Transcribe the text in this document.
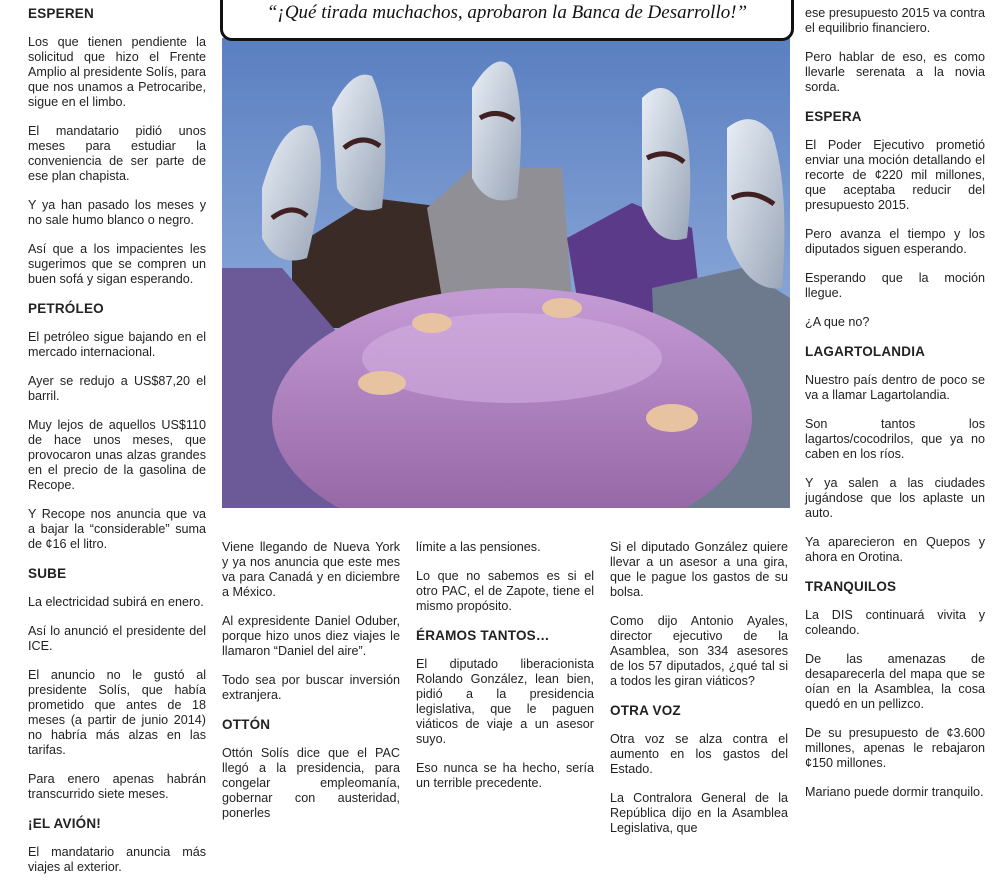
ESPEREN

Los que tienen pendiente la solicitud que hizo el Frente Amplio al presidente Solís, para que nos unamos a Petrocaribe, sigue en el limbo.

El mandatario pidió unos meses para estudiar la conveniencia de ser parte de ese plan chapista.

Y ya han pasado los meses y no sale humo blanco o negro.

Así que a los impacientes les sugerimos que se compren un buen sofá y sigan esperando.

PETRÓLEO

El petróleo sigue bajando en el mercado internacional.

Ayer se redujo a US$87,20 el barril.

Muy lejos de aquellos US$110 de hace unos meses, que provocaron unas alzas grandes en el precio de la gasolina de Recope.

Y Recope nos anuncia que va a bajar la “considerable” suma de ¢16 el litro.

SUBE

La electricidad subirá en enero.

Así lo anunció el presidente del ICE.

El anuncio no le gustó al presidente Solís, que había prometido que antes de 18 meses (a partir de junio 2014) no habría más alzas en las tarifas.

Para enero apenas habrán transcurrido siete meses.

¡EL AVIÓN!

El mandatario anuncia más viajes al exterior.

“¡Qué tirada muchachos, aprobaron la Banca de Desarrollo!”

Viene llegando de Nueva York y ya nos anuncia que este mes va para Canadá y en diciembre a México.

Al expresidente Daniel Oduber, porque hizo unos diez viajes le llamaron “Daniel del aire”.

Todo sea por buscar inversión extranjera.

OTTÓN

Ottón Solís dice que el PAC llegó a la presidencia, para congelar empleomanía, gobernar con austeridad, ponerles

límite a las pensiones.

Lo que no sabemos es si el otro PAC, el de Zapote, tiene el mismo propósito.

ÉRAMOS TANTOS…

El diputado liberacionista Rolando González, lean bien, pidió a la presidencia legislativa, que le paguen viáticos de viaje a un asesor suyo.

Eso nunca se ha hecho, sería un terrible precedente.

Si el diputado González quiere llevar a un asesor a una gira, que le pague los gastos de su bolsa.

Como dijo Antonio Ayales, director ejecutivo de la Asamblea, son 334 asesores de los 57 diputados, ¿qué tal si a todos les giran viáticos?

OTRA VOZ

Otra voz se alza contra el aumento en los gastos del Estado.

La Contralora General de la República dijo en la Asamblea Legislativa, que

ese presupuesto 2015 va contra el equilibrio financiero.

Pero hablar de eso, es como llevarle serenata a la novia sorda.

ESPERA

El Poder Ejecutivo prometió enviar una moción detallando el recorte de ¢220 mil millones, que aceptaba reducir del presupuesto 2015.

Pero avanza el tiempo y los diputados siguen esperando.

Esperando que la moción llegue.

¿A que no?

LAGARTOLANDIA

Nuestro país dentro de poco se va a llamar Lagartolandia.

Son tantos los lagartos/cocodrilos, que ya no caben en los ríos.

Y ya salen a las ciudades jugándose que los aplaste un auto.

Ya aparecieron en Quepos y ahora en Orotina.

TRANQUILOS

La DIS continuará vivita y coleando.

De las amenazas de desaparecerla del mapa que se oían en la Asamblea, la cosa quedó en un pellizco.

De su presupuesto de ¢3.600 millones, apenas le rebajaron ¢150 millones.

Mariano puede dormir tranquilo.
